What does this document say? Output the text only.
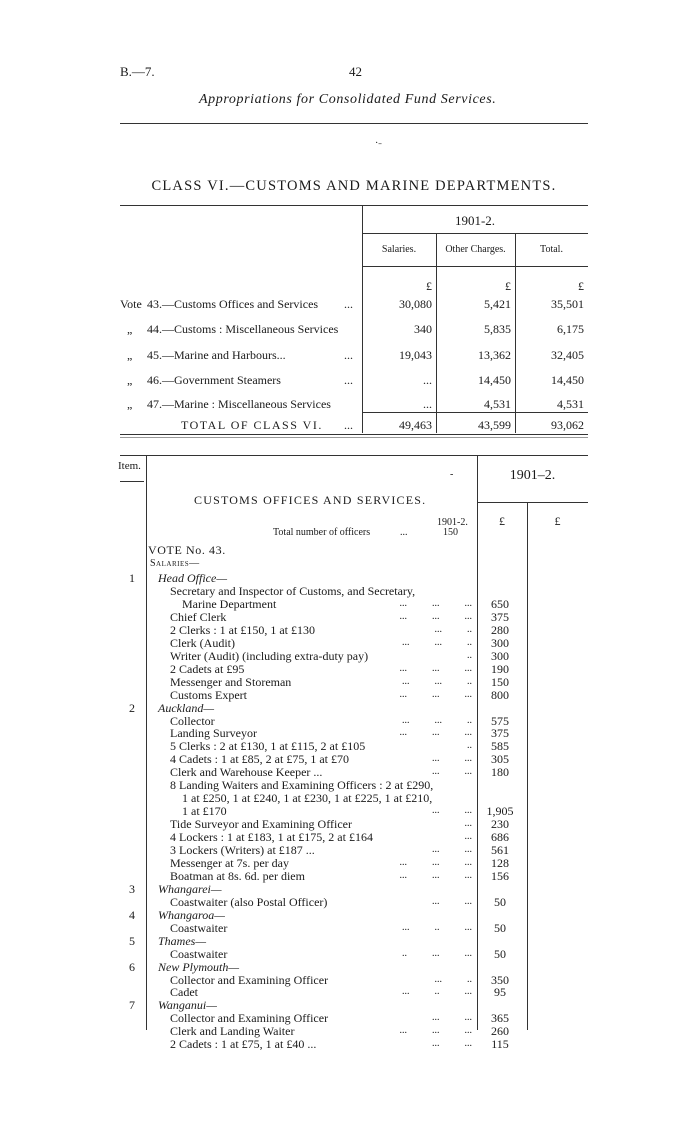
B.—7.	42
Appropriations for Consolidated Fund Services.
·˗
CLASS VI.—CUSTOMS AND MARINE DEPARTMENTS.
1901-2.
Salaries.	Other Charges.	Total.
£	£	£
Vote 43.—Customs Offices and Services ...	30,080	5,421	35,501
„ 44.—Customs : Miscellaneous Services	340	5,835	6,175
„ 45.—Marine and Harbours...	...	19,043	13,362	32,405
„ 46.—Government Steamers	...	...	14,450	14,450
„ 47.—Marine : Miscellaneous Services	...	4,531	4,531
TOTAL OF CLASS VI. ...	49,463	43,599	93,062
Item.
-	1901–2.
CUSTOMS OFFICES AND SERVICES.
£	£
1901-2.
Total number of officers	...	150
VOTE No. 43.
Salaries—
1	Head Office—
Secretary and Inspector of Customs, and Secretary,
Marine Department	...          ...          ...	650
Chief Clerk	...          ...          ...	375
2 Clerks : 1 at £150, 1 at £130	...          ..	280
Clerk (Audit)	...          ...          ..	300
Writer (Audit) (including extra-duty pay)	..	300
2 Cadets at £95	...          ...          ...	190
Messenger and Storeman	...          ...          ..	150
Customs Expert	...          ...          ...	800
2	Auckland—
Collector	...          ...          ..	575
Landing Surveyor	...          ...          ...	375
5 Clerks : 2 at £130, 1 at £115, 2 at £105	..	585
4 Cadets : 1 at £85, 2 at £75, 1 at £70	...          ...	305
Clerk and Warehouse Keeper ...	...          ...	180
8 Landing Waiters and Examining Officers : 2 at £290,
1 at £250, 1 at £240, 1 at £230, 1 at £225, 1 at £210,
1 at £170	...          ...	1,905
Tide Surveyor and Examining Officer	...	230
4 Lockers : 1 at £183, 1 at £175, 2 at £164	...	686
3 Lockers (Writers) at £187 ...	...          ...	561
Messenger at 7s. per day	...          ...          ...	128
Boatman at 8s. 6d. per diem	...          ...          ...	156
3	Whangarei—
Coastwaiter (also Postal Officer)	...          ...	50
4	Whangaroa—
Coastwaiter	...          ..          ...	50
5	Thames—
Coastwaiter	..          ...          ...	50
6	New Plymouth—
Collector and Examining Officer	...          ..	350
Cadet	...          ..          ...	95
7	Wanganui—
Collector and Examining Officer	...          ...	365
Clerk and Landing Waiter	...          ...          ...	260
2 Cadets : 1 at £75, 1 at £40 ...	...          ...	115
